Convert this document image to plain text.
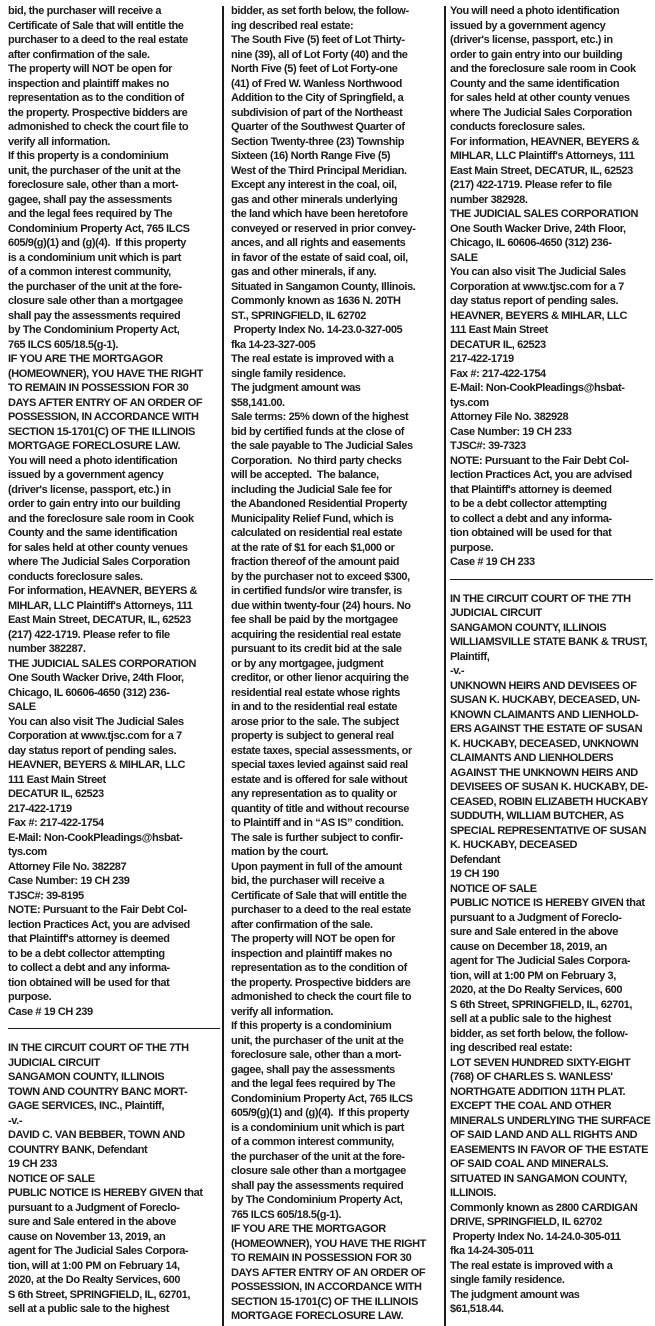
bid, the purchaser will receive a
Certificate of Sale that will entitle the
purchaser to a deed to the real estate
after confirmation of the sale.
The property will NOT be open for
inspection and plaintiff makes no
representation as to the condition of
the property. Prospective bidders are
admonished to check the court file to
verify all information.
If this property is a condominium
unit, the purchaser of the unit at the
foreclosure sale, other than a mort-
gagee, shall pay the assessments
and the legal fees required by The
Condominium Property Act, 765 ILCS
605/9(g)(1) and (g)(4).  If this property
is a condominium unit which is part
of a common interest community,
the purchaser of the unit at the fore-
closure sale other than a mortgagee
shall pay the assessments required
by The Condominium Property Act,
765 ILCS 605/18.5(g-1).
IF YOU ARE THE MORTGAGOR
(HOMEOWNER), YOU HAVE THE RIGHT
TO REMAIN IN POSSESSION FOR 30
DAYS AFTER ENTRY OF AN ORDER OF
POSSESSION, IN ACCORDANCE WITH
SECTION 15-1701(C) OF THE ILLINOIS
MORTGAGE FORECLOSURE LAW.
You will need a photo identification
issued by a government agency
(driver's license, passport, etc.) in
order to gain entry into our building
and the foreclosure sale room in Cook
County and the same identification
for sales held at other county venues
where The Judicial Sales Corporation
conducts foreclosure sales.
For information, HEAVNER, BEYERS &
MIHLAR, LLC Plaintiff's Attorneys, 111
East Main Street, DECATUR, IL, 62523
(217) 422-1719. Please refer to file
number 382287.
THE JUDICIAL SALES CORPORATION
One South Wacker Drive, 24th Floor,
Chicago, IL 60606-4650 (312) 236-
SALE
You can also visit The Judicial Sales
Corporation at www.tjsc.com for a 7
day status report of pending sales.
HEAVNER, BEYERS & MIHLAR, LLC
111 East Main Street
DECATUR IL, 62523
217-422-1719
Fax #: 217-422-1754
E-Mail: Non-CookPleadings@hsbat-
tys.com
Attorney File No. 382287
Case Number: 19 CH 239
TJSC#: 39-8195
NOTE: Pursuant to the Fair Debt Col-
lection Practices Act, you are advised
that Plaintiff's attorney is deemed
to be a debt collector attempting
to collect a debt and any informa-
tion obtained will be used for that
purpose.
Case # 19 CH 239
IN THE CIRCUIT COURT OF THE 7TH
JUDICIAL CIRCUIT
SANGAMON COUNTY, ILLINOIS
TOWN AND COUNTRY BANC MORT-
GAGE SERVICES, INC., Plaintiff,
-v.-
DAVID C. VAN BEBBER, TOWN AND
COUNTRY BANK, Defendant
19 CH 233
NOTICE OF SALE
PUBLIC NOTICE IS HEREBY GIVEN that
pursuant to a Judgment of Foreclo-
sure and Sale entered in the above
cause on November 13, 2019, an
agent for The Judicial Sales Corpora-
tion, will at 1:00 PM on February 14,
2020, at the Do Realty Services, 600
S 6th Street, SPRINGFIELD, IL, 62701,
sell at a public sale to the highest
bidder, as set forth below, the follow-
ing described real estate:
The South Five (5) feet of Lot Thirty-
nine (39), all of Lot Forty (40) and the
North Five (5) feet of Lot Forty-one
(41) of Fred W. Wanless Northwood
Addition to the City of Springfield, a
subdivision of part of the Northeast
Quarter of the Southwest Quarter of
Section Twenty-three (23) Township
Sixteen (16) North Range Five (5)
West of the Third Principal Meridian.
Except any interest in the coal, oil,
gas and other minerals underlying
the land which have been heretofore
conveyed or reserved in prior convey-
ances, and all rights and easements
in favor of the estate of said coal, oil,
gas and other minerals, if any.
Situated in Sangamon County, Illinois.
Commonly known as 1636 N. 20TH
ST., SPRINGFIELD, IL 62702
Property Index No. 14-23.0-327-005
fka 14-23-327-005
The real estate is improved with a
single family residence.
The judgment amount was
$58,141.00.
Sale terms: 25% down of the highest
bid by certified funds at the close of
the sale payable to The Judicial Sales
Corporation.  No third party checks
will be accepted.  The balance,
including the Judicial Sale fee for
the Abandoned Residential Property
Municipality Relief Fund, which is
calculated on residential real estate
at the rate of $1 for each $1,000 or
fraction thereof of the amount paid
by the purchaser not to exceed $300,
in certified funds/or wire transfer, is
due within twenty-four (24) hours. No
fee shall be paid by the mortgagee
acquiring the residential real estate
pursuant to its credit bid at the sale
or by any mortgagee, judgment
creditor, or other lienor acquiring the
residential real estate whose rights
in and to the residential real estate
arose prior to the sale. The subject
property is subject to general real
estate taxes, special assessments, or
special taxes levied against said real
estate and is offered for sale without
any representation as to quality or
quantity of title and without recourse
to Plaintiff and in “AS IS” condition.
The sale is further subject to confir-
mation by the court.
Upon payment in full of the amount
bid, the purchaser will receive a
Certificate of Sale that will entitle the
purchaser to a deed to the real estate
after confirmation of the sale.
The property will NOT be open for
inspection and plaintiff makes no
representation as to the condition of
the property. Prospective bidders are
admonished to check the court file to
verify all information.
If this property is a condominium
unit, the purchaser of the unit at the
foreclosure sale, other than a mort-
gagee, shall pay the assessments
and the legal fees required by The
Condominium Property Act, 765 ILCS
605/9(g)(1) and (g)(4).  If this property
is a condominium unit which is part
of a common interest community,
the purchaser of the unit at the fore-
closure sale other than a mortgagee
shall pay the assessments required
by The Condominium Property Act,
765 ILCS 605/18.5(g-1).
IF YOU ARE THE MORTGAGOR
(HOMEOWNER), YOU HAVE THE RIGHT
TO REMAIN IN POSSESSION FOR 30
DAYS AFTER ENTRY OF AN ORDER OF
POSSESSION, IN ACCORDANCE WITH
SECTION 15-1701(C) OF THE ILLINOIS
MORTGAGE FORECLOSURE LAW.
You will need a photo identification
issued by a government agency
(driver's license, passport, etc.) in
order to gain entry into our building
and the foreclosure sale room in Cook
County and the same identification
for sales held at other county venues
where The Judicial Sales Corporation
conducts foreclosure sales.
For information, HEAVNER, BEYERS &
MIHLAR, LLC Plaintiff's Attorneys, 111
East Main Street, DECATUR, IL, 62523
(217) 422-1719. Please refer to file
number 382928.
THE JUDICIAL SALES CORPORATION
One South Wacker Drive, 24th Floor,
Chicago, IL 60606-4650 (312) 236-
SALE
You can also visit The Judicial Sales
Corporation at www.tjsc.com for a 7
day status report of pending sales.
HEAVNER, BEYERS & MIHLAR, LLC
111 East Main Street
DECATUR IL, 62523
217-422-1719
Fax #: 217-422-1754
E-Mail: Non-CookPleadings@hsbat-
tys.com
Attorney File No. 382928
Case Number: 19 CH 233
TJSC#: 39-7323
NOTE: Pursuant to the Fair Debt Col-
lection Practices Act, you are advised
that Plaintiff's attorney is deemed
to be a debt collector attempting
to collect a debt and any informa-
tion obtained will be used for that
purpose.
Case # 19 CH 233
IN THE CIRCUIT COURT OF THE 7TH
JUDICIAL CIRCUIT
SANGAMON COUNTY, ILLINOIS
WILLIAMSVILLE STATE BANK & TRUST,
Plaintiff,
-v.-
UNKNOWN HEIRS AND DEVISEES OF
SUSAN K. HUCKABY, DECEASED, UN-
KNOWN CLAIMANTS AND LIENHOLD-
ERS AGAINST THE ESTATE OF SUSAN
K. HUCKABY, DECEASED, UNKNOWN
CLAIMANTS AND LIENHOLDERS
AGAINST THE UNKNOWN HEIRS AND
DEVISEES OF SUSAN K. HUCKABY, DE-
CEASED, ROBIN ELIZABETH HUCKABY
SUDDUTH, WILLIAM BUTCHER, AS
SPECIAL REPRESENTATIVE OF SUSAN
K. HUCKABY, DECEASED
Defendant
19 CH 190
NOTICE OF SALE
PUBLIC NOTICE IS HEREBY GIVEN that
pursuant to a Judgment of Foreclo-
sure and Sale entered in the above
cause on December 18, 2019, an
agent for The Judicial Sales Corpora-
tion, will at 1:00 PM on February 3,
2020, at the Do Realty Services, 600
S 6th Street, SPRINGFIELD, IL, 62701,
sell at a public sale to the highest
bidder, as set forth below, the follow-
ing described real estate:
LOT SEVEN HUNDRED SIXTY-EIGHT
(768) OF CHARLES S. WANLESS'
NORTHGATE ADDITION 11TH PLAT.
EXCEPT THE COAL AND OTHER
MINERALS UNDERLYING THE SURFACE
OF SAID LAND AND ALL RIGHTS AND
EASEMENTS IN FAVOR OF THE ESTATE
OF SAID COAL AND MINERALS.
SITUATED IN SANGAMON COUNTY,
ILLINOIS.
Commonly known as 2800 CARDIGAN
DRIVE, SPRINGFIELD, IL 62702
Property Index No. 14-24.0-305-011
fka 14-24-305-011
The real estate is improved with a
single family residence.
The judgment amount was
$61,518.44.
